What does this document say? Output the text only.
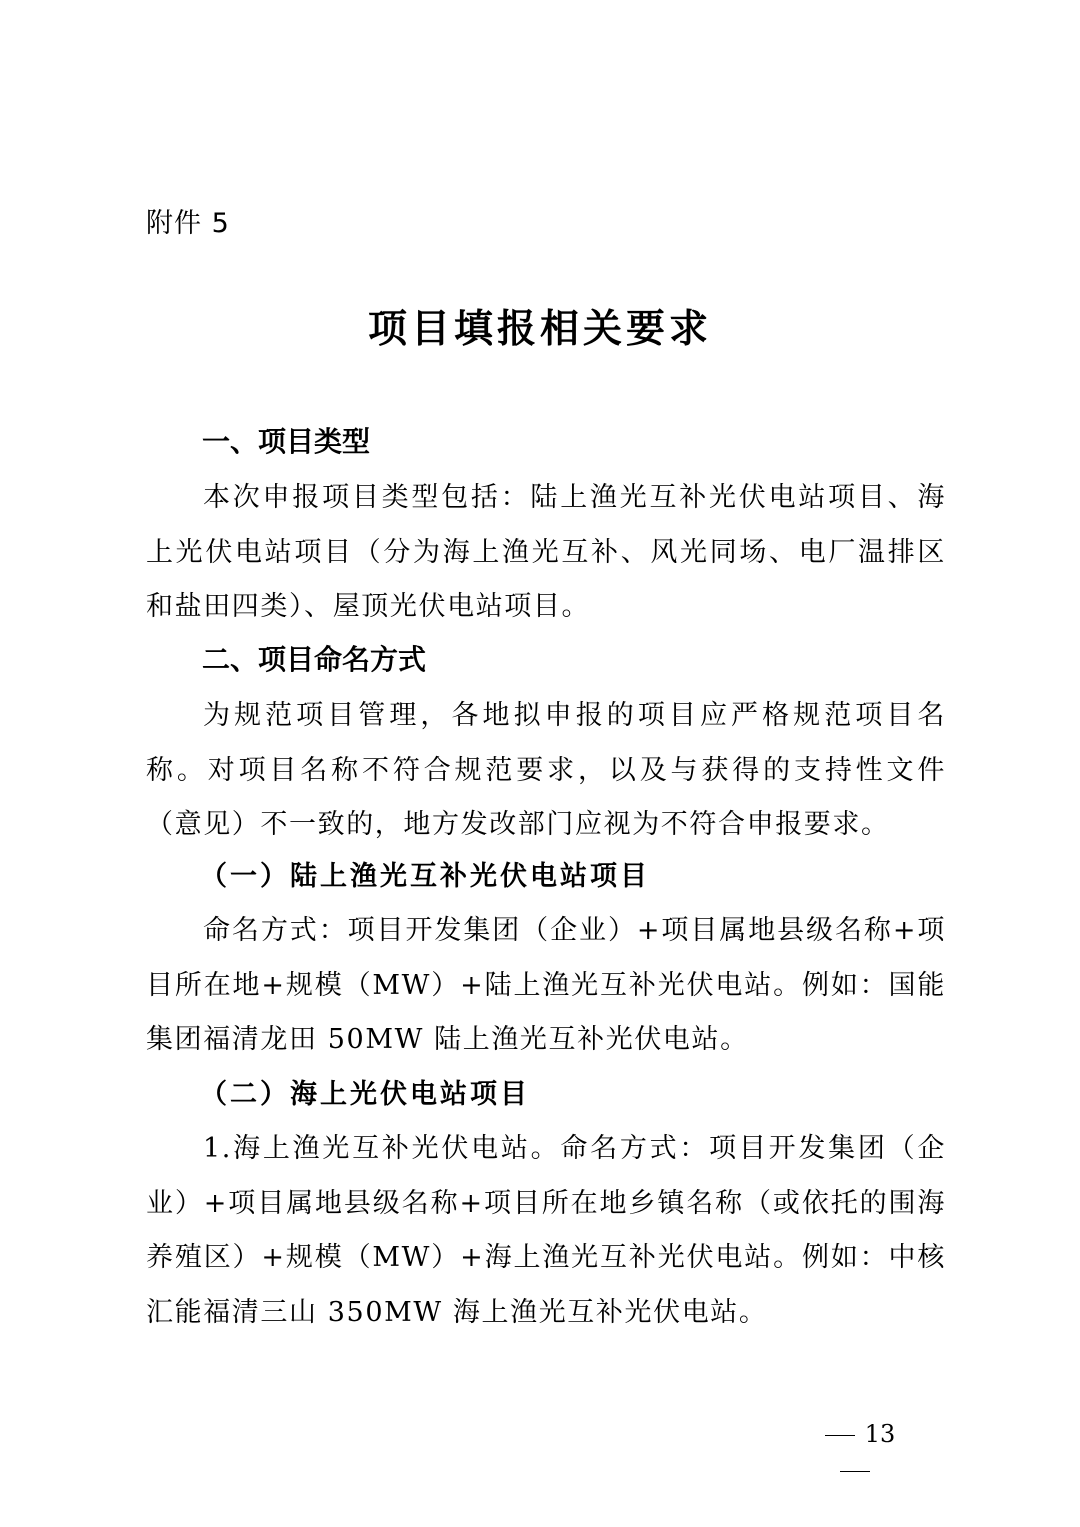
附件 5
项目填报相关要求
一、项目类型

本次申报项目类型包括：陆上渔光互补光伏电站项目、海上光伏电站项目（分为海上渔光互补、风光同场、电厂温排区和盐田四类）、屋顶光伏电站项目。

二、项目命名方式

为规范项目管理，各地拟申报的项目应严格规范项目名称。对项目名称不符合规范要求，以及与获得的支持性文件（意见）不一致的，地方发改部门应视为不符合申报要求。

（一）陆上渔光互补光伏电站项目

命名方式：项目开发集团（企业）+项目属地县级名称+项目所在地+规模（MW）+陆上渔光互补光伏电站。例如：国能集团福清龙田 50MW 陆上渔光互补光伏电站。

（二）海上光伏电站项目

1.海上渔光互补光伏电站。命名方式：项目开发集团（企业）+项目属地县级名称+项目所在地乡镇名称（或依托的围海养殖区）+规模（MW）+海上渔光互补光伏电站。例如：中核汇能福清三山 350MW 海上渔光互补光伏电站。

13
